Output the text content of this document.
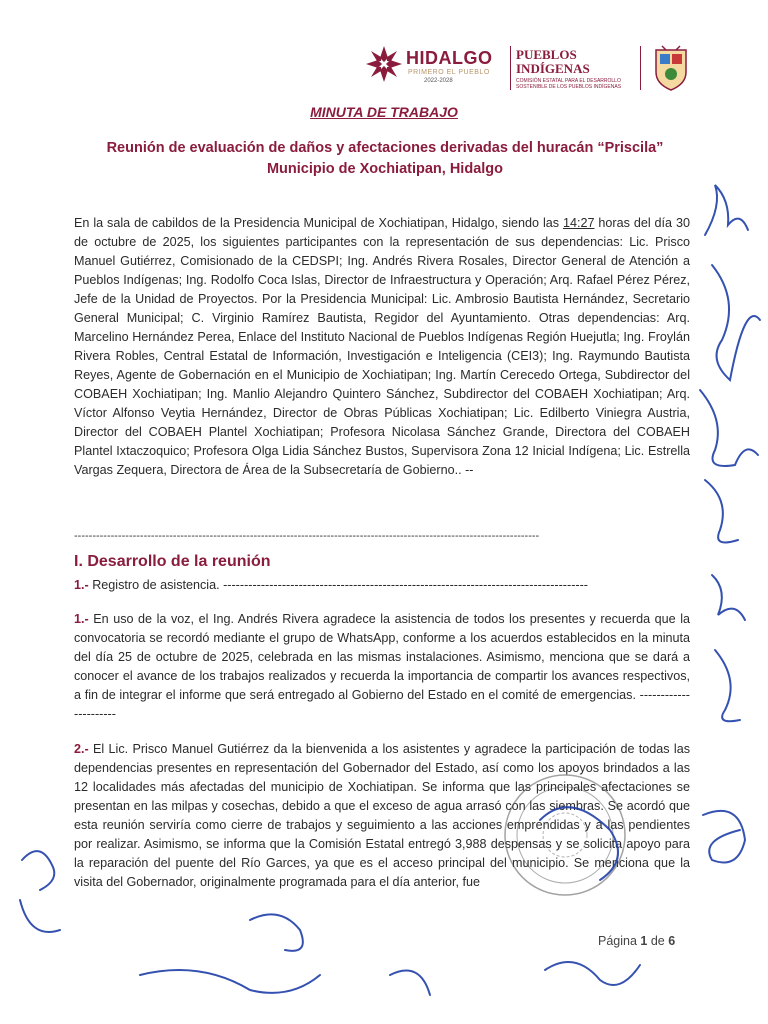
HIDALGO
PRIMERO EL PUEBLO
2022-2028
PUEBLOS
INDÍGENAS
COMISIÓN ESTATAL PARA EL DESARROLLO SOSTENIBLE DE LOS PUEBLOS INDÍGENAS
MINUTA DE TRABAJO
Reunión de evaluación de daños y afectaciones derivadas del huracán “Priscila”
Municipio de Xochiatipan, Hidalgo
En la sala de cabildos de la Presidencia Municipal de Xochiatipan, Hidalgo, siendo las 14:27 horas del día 30 de octubre de 2025, los siguientes participantes con la representación de sus dependencias: Lic. Prisco Manuel Gutiérrez, Comisionado de la CEDSPI; Ing. Andrés Rivera Rosales, Director General de Atención a Pueblos Indígenas; Ing. Rodolfo Coca Islas, Director de Infraestructura y Operación; Arq. Rafael Pérez Pérez, Jefe de la Unidad de Proyectos. Por la Presidencia Municipal: Lic. Ambrosio Bautista Hernández, Secretario General Municipal; C. Virginio Ramírez Bautista, Regidor del Ayuntamiento. Otras dependencias: Arq. Marcelino Hernández Perea, Enlace del Instituto Nacional de Pueblos Indígenas Región Huejutla; Ing. Froylán Rivera Robles, Central Estatal de Información, Investigación e Inteligencia (CEI3); Ing. Raymundo Bautista Reyes, Agente de Gobernación en el Municipio de Xochiatipan; Ing. Martín Cerecedo Ortega, Subdirector del COBAEH Xochiatipan; Ing. Manlio Alejandro Quintero Sánchez, Subdirector del COBAEH Xochiatipan; Arq. Víctor Alfonso Veytia Hernández, Director de Obras Públicas Xochiatipan; Lic. Edilberto Viniegra Austria, Director del COBAEH Plantel Xochiatipan; Profesora Nicolasa Sánchez Grande, Directora del COBAEH Plantel Ixtaczoquico; Profesora Olga Lidia Sánchez Bustos, Supervisora Zona 12 Inicial Indígena; Lic. Estrella Vargas Zequera, Directora de Área de la Subsecretaría de Gobierno.. --
-------------------------------------------------------------------------------------------------------------------------------
I. Desarrollo de la reunión
1.- Registro de asistencia. ---------------------------------------------------------------------------------------
1.- En uso de la voz, el Ing. Andrés Rivera agradece la asistencia de todos los presentes y recuerda que la convocatoria se recordó mediante el grupo de WhatsApp, conforme a los acuerdos establecidos en la minuta del día 25 de octubre de 2025, celebrada en las mismas instalaciones. Asimismo, menciona que se dará a conocer el avance de los trabajos realizados y recuerda la importancia de compartir los avances respectivos, a fin de integrar el informe que será entregado al Gobierno del Estado en el comité de emergencias. ----------------------
2.- El Lic. Prisco Manuel Gutiérrez da la bienvenida a los asistentes y agradece la participación de todas las dependencias presentes en representación del Gobernador del Estado, así como los apoyos brindados a las 12 localidades más afectadas del municipio de Xochiatipan. Se informa que las principales afectaciones se presentan en las milpas y cosechas, debido a que el exceso de agua arrasó con las siembras. Se acordó que esta reunión serviría como cierre de trabajos y seguimiento a las acciones emprendidas y a las pendientes por realizar. Asimismo, se informa que la Comisión Estatal entregó 3,988 despensas y se solicita apoyo para la reparación del puente del Río Garces, ya que es el acceso principal del municipio. Se menciona que la visita del Gobernador, originalmente programada para el día anterior, fue
Página 1 de 6
